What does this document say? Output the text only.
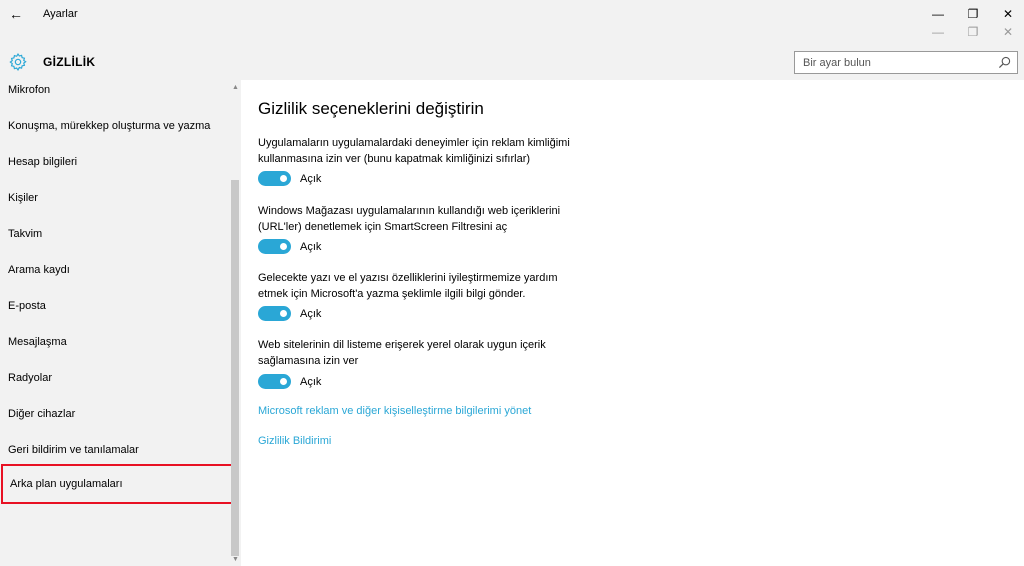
← Ayarlar	— ❐ ✕
— ❐ ✕
GİZLİLİK
Bir ayar bulun
Mikrofon
Konuşma, mürekkep oluşturma ve yazma
Hesap bilgileri
Kişiler
Takvim
Arama kaydı
E-posta
Mesajlaşma
Radyolar
Diğer cihazlar
Geri bildirim ve tanılamalar
Arka plan uygulamaları
▲
▼
Gizlilik seçeneklerini değiştirin
Uygulamaların uygulamalardaki deneyimler için reklam kimliğimi kullanmasına izin ver (bunu kapatmak kimliğinizi sıfırlar)
Açık
Windows Mağazası uygulamalarının kullandığı web içeriklerini (URL'ler) denetlemek için SmartScreen Filtresini aç
Açık
Gelecekte yazı ve el yazısı özelliklerini iyileştirmemize yardım etmek için Microsoft'a yazma şeklimle ilgili bilgi gönder.
Açık
Web sitelerinin dil listeme erişerek yerel olarak uygun içerik sağlamasına izin ver
Açık
Microsoft reklam ve diğer kişiselleştirme bilgilerimi yönet
Gizlilik Bildirimi
